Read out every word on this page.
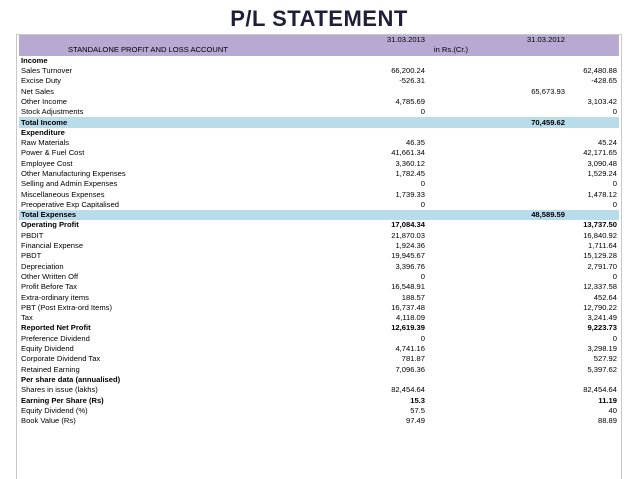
P/L STATEMENT
	31.03.2013	31.03.2012		
STANDALONE PROFIT AND LOSS ACCOUNT	in Rs.(Cr.)			
Income				
Sales Turnover	66,200.24		62,480.88	
Excise Duty	-526.31		-428.65	
Net Sales		65,673.93		
Other Income	4,785.69		3,103.42	
Stock Adjustments	0		0	
Total Income		70,459.62		
Expenditure				
Raw Materials	46.35		45.24	
Power & Fuel Cost	41,661.34		42,171.65	
Employee Cost	3,360.12		3,090.48	
Other Manufacturing Expenses	1,782.45		1,529.24	
Selling and Admin Expenses	0		0	
Miscellaneous Expenses	1,739.33		1,478.12	
Preoperative Exp Capitalised	0		0	
Total Expenses		48,589.59		
Operating Profit	17,084.34		13,737.50	
PBDIT	21,870.03		16,840.92	
Financial Expense	1,924.36		1,711.64	
PBDT	19,945.67		15,129.28	
Depreciation	3,396.76		2,791.70	
Other Written Off	0		0	
Profit Before Tax	16,548.91		12,337.58	
Extra-ordinary items	188.57		452.64	
PBT (Post Extra-ord Items)	16,737.48		12,790.22	
Tax	4,118.09		3,241.49	
Reported Net Profit	12,619.39		9,223.73	
Preference Dividend	0		0	
Equity Dividend	4,741.16		3,298.19	
Corporate Dividend Tax	781.87		527.92	
Retained Earning	7,096.36		5,397.62	
Per share data (annualised)				
Shares in issue (lakhs)	82,454.64		82,454.64	
Earning Per Share (Rs)	15.3		11.19	
Equity Dividend (%)	57.5		40	
Book Value (Rs)	97.49		88.89	
